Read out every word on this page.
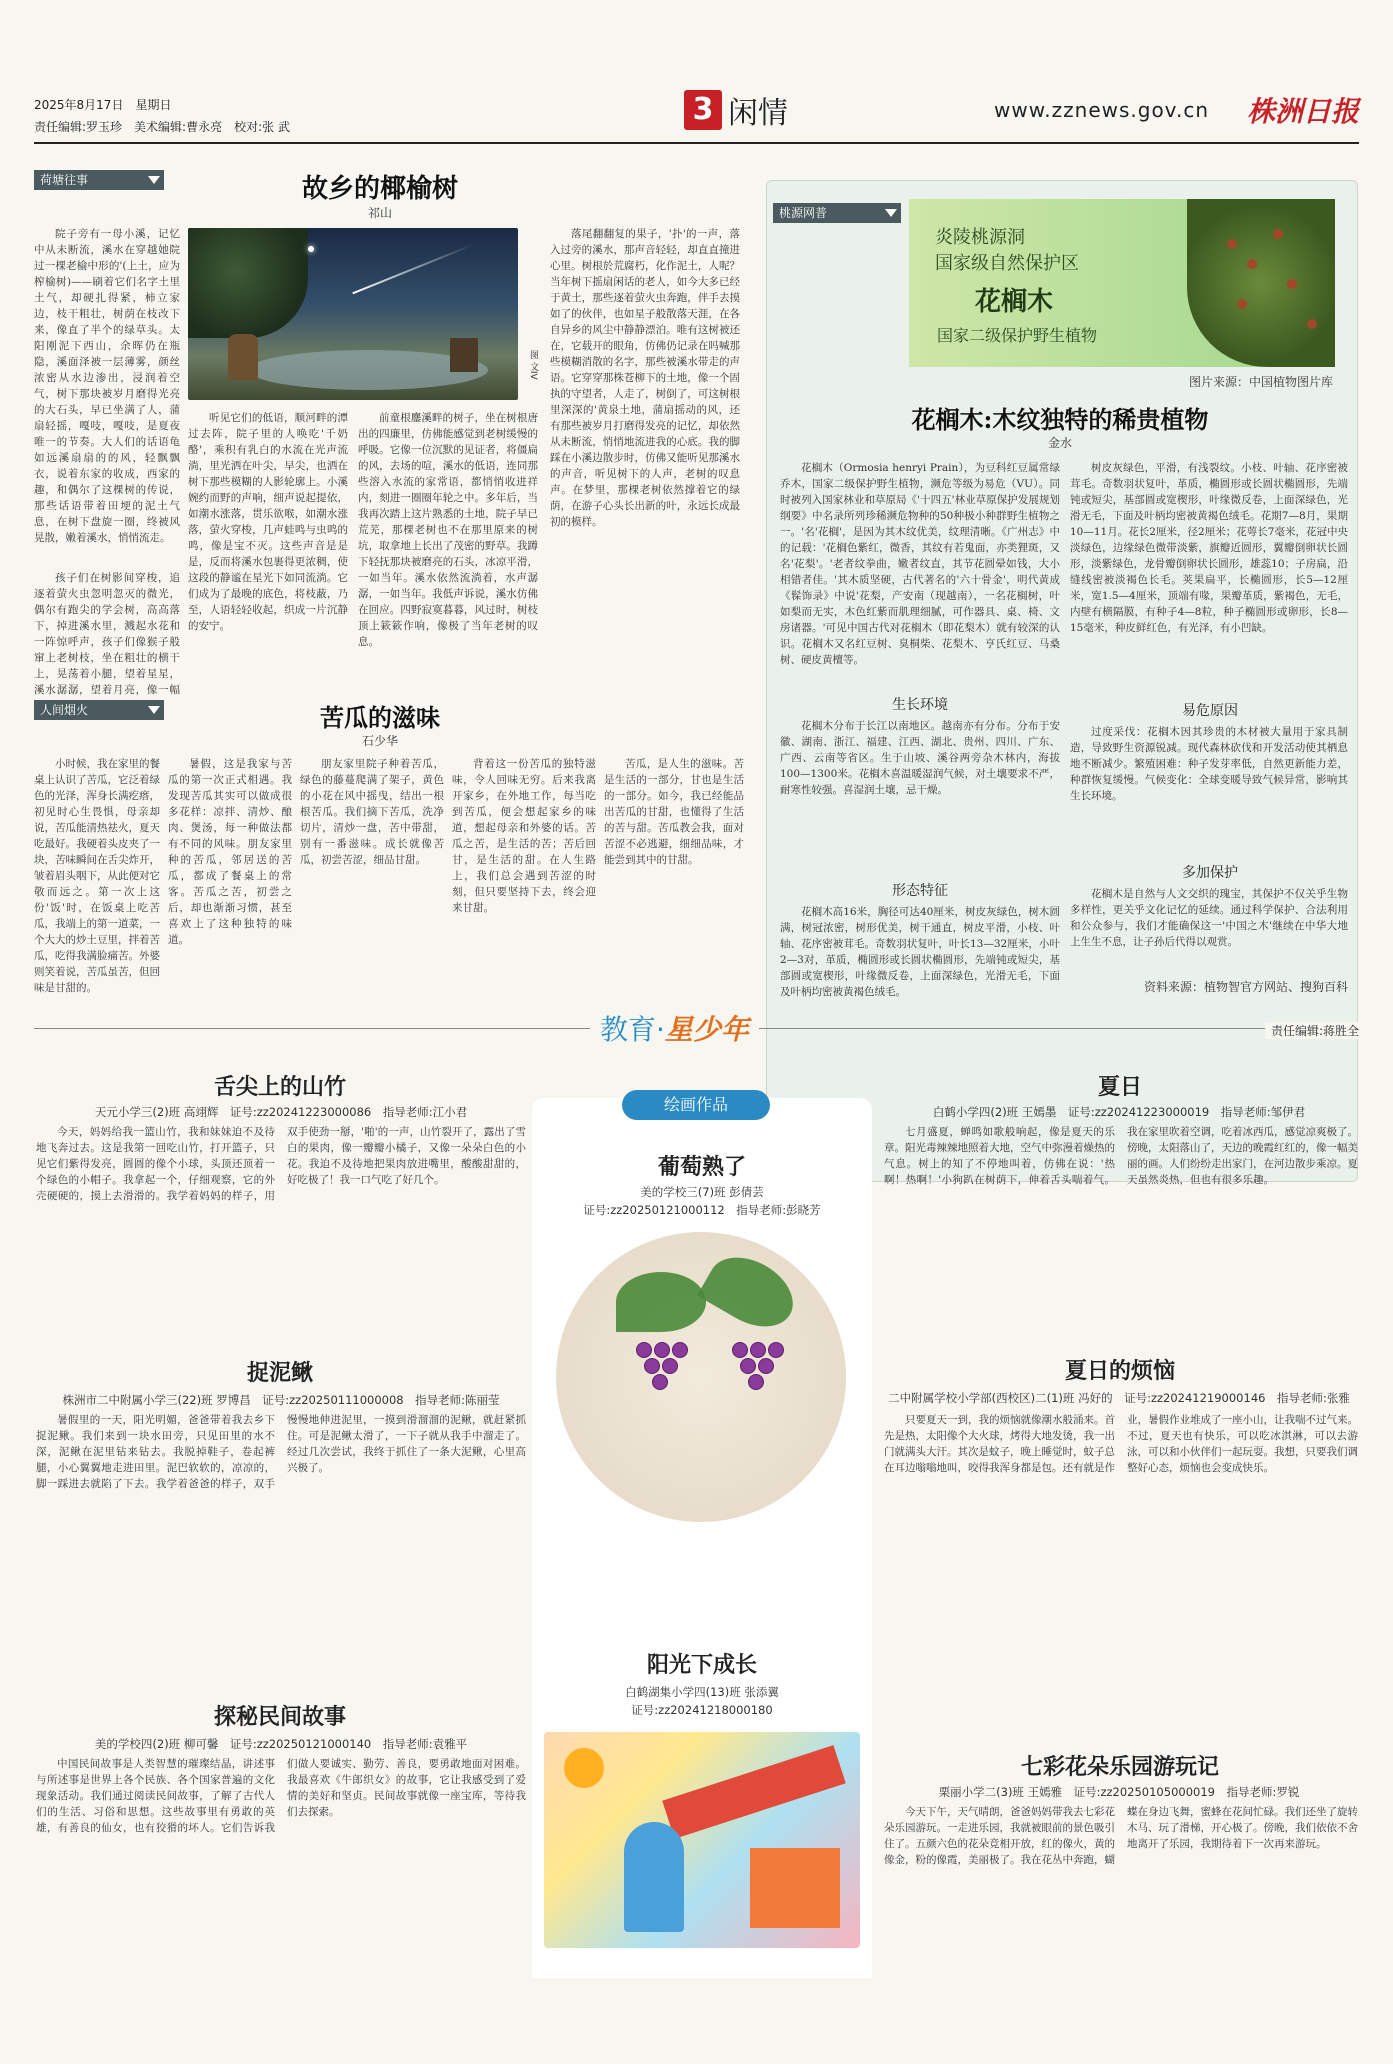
2025年8月17日　星期日
责任编辑:罗玉珍　美术编辑:曹永亮　校对:张 武	3 闲情	www.zznews.gov.cn 株洲日报
荷塘往事	故乡的椰榆树
祁山

院子旁有一母小溪，记忆中从未断流，溪水在穿越她院过一棵老榆中形的'(上土，应为榨榆树)——刷着它们名字土里土气，却硬扎得紧，柿立家边，枝干粗壮，树荫在枝改下来，像直了半个的绿草头。太阳刚泥下西山，余晖仍在瓶隐，溪面泽被一层薄雾，颜丝浓密从水边渗出，浸润着空气，树下那块被岁月磨得光亮的大石头，早已坐满了人，蒲扇轻摇，嘎吱，嘎吱，是夏夜唯一的节奏。大人们的话语龟如远溪扇扇的的风，轻飘飘衣，说着东家的收成，西家的趣，和偶尔了这棵树的传说，那些话语带着田埂的泥土气息，在树下盘旋一圈，终被风晃散，嫩着溪水，悄悄流走。

图 文IV

听见它们的低语，顺河畔的潭过去阵，院子里的人唤吃'千奶酪'，乘积有乳白的水流在光声流淌，里光洒在叶尖，早尖，也洒在树下那些模糊的人影轮廓上。小溪婉约而野的声响，细声说起提依，如潮水涨落，贯乐欲喉，如潮水涨落，萤火穿梭，几声蛙鸣与虫鸣的鸣，像是宝不灭。这些声音是是是，反而将溪水包裹得更浓稠，使这段的静谧在星光下如同流淌。它们成为了最晚的底色，将枝蔽，乃至，人语轻轻收起，织成一片沉静的安宁。

前童根鏖溪畔的树子，坐在树根唐出的四廉里，仿佛能感觉到老树缓慢的呼吸。它像一位沉默的见证者，将僵扁的风，去场的喧，溪水的低语，连同那些溶入水流的家常语，都悄悄收进祥内，刻进一圈圈年轮之中。多年后，当我再次踏上这片熟悉的土地，院子早已荒芜，那棵老树也不在那里原来的树坑，取拿地上长出了茂密的野草。我蹲下轻抚那块被磨亮的石头，冰凉平滑，一如当年。溪水依然流淌着，水声潺潺，一如当年。我低声诉说，溪水仿佛在回应。四野寂寞暮暮，风过时，树枝顶上簌簌作响，像极了当年老树的叹息。

落尾翻翻复的果子，'扑'的一声，落入过旁的溪水，那声音轻轻，却直直撞进心里。树根於荒腐朽，化作泥土，人呢？当年树下摇扇闲话的老人，如今大多已经于黄土，那些逐着萤火虫奔跑，伴手去摸如了的伙伴，也如星子般散落天涯，在各自异乡的风尘中静静漂泊。唯有这树被还在，它载开的眼角，仿佛仍记录在吗喊那些模糊消散的名字，那些被溪水带走的声语。它穿穿那株苍柳下的土地，像一个固执的守望者，人走了，树倒了，可这树根里深深的'黄泉土地，蒲扇摇动的风，还有那些被岁月打磨得发亮的记忆，却依然从未断流，悄悄地流进我的心底。我的脚踩在小溪边散步时，仿佛又能听见那溪水的声音，听见树下的人声，老树的叹息声。在梦里，那棵老树依然撑着它的绿荫，在游子心头长出新的叶，永远长成最初的模样。

孩子们在树影间穿梭，追逐着萤火虫忽明忽灭的微光，偶尔有跑尖的学会树，高高落下，掉进溪水里，溅起水花和一阵惊呼声，孩子们像猴子般窜上老树枝，坐在粗壮的横干上，晃荡着小腿，望着星星，溪水潺潺，望着月亮，像一幅

人间烟火	苦瓜的滋味
石少华

小时候，我在家里的餐桌上认识了苦瓜，它泛着绿色的光泽，浑身长满疙瘩，初见时心生畏惧，母亲却说，苦瓜能清热祛火，夏天吃最好。我硬着头皮夹了一块，苦味瞬间在舌尖炸开，皱着眉头咽下，从此便对它敬而远之。第一次上这份'饭'时，在饭桌上吃苦瓜，我端上的第一道菜，一个大大的炒土豆里，拌着苦瓜，吃得我满脸痛苦。外婆则笑着说，苦瓜虽苦，但回味是甘甜的。

暑假，这是我家与苦瓜的第一次正式相遇。我发现苦瓜其实可以做成很多花样：凉拌、清炒、酿肉、煲汤，每一种做法都有不同的风味。朋友家里种的苦瓜，邻居送的苦瓜，都成了餐桌上的常客。苦瓜之苦，初尝之后，却也渐渐习惯，甚至喜欢上了这种独特的味道。

朋友家里院子种着苦瓜，绿色的藤蔓爬满了架子，黄色的小花在风中摇曳，结出一根根苦瓜。我们摘下苦瓜，洗净切片，清炒一盘，苦中带甜，别有一番滋味。成长就像苦瓜，初尝苦涩，细品甘甜。

背着这一份苦瓜的独特滋味，令人回味无穷。后来我离开家乡，在外地工作，每当吃到苦瓜，便会想起家乡的味道，想起母亲和外婆的话。苦瓜之苦，是生活的苦；苦后回甘，是生活的甜。在人生路上，我们总会遇到苦涩的时刻，但只要坚持下去，终会迎来甘甜。

苦瓜，是人生的滋味。苦是生活的一部分，甘也是生活的一部分。如今，我已经能品出苦瓜的甘甜，也懂得了生活的苦与甜。苦瓜教会我，面对苦涩不必逃避，细细品味，才能尝到其中的甘甜。

桃源网普
炎陵桃源洞
国家级自然保护区
花榈木
国家二级保护野生植物
图片来源：中国植物图片库
花榈木:木纹独特的稀贵植物
金水

花榈木（Ormosia henryi Prain），为豆科红豆属常绿乔木，国家二级保护野生植物，濒危等级为易危（VU）。同时被列入国家林业和草原局《'十四五'林业草原保护发展规划纲要》中名录所列珍稀濒危物种的50种极小种群野生植物之一。'名'花榈'，是因为其木纹优美，纹理清晰。《广州志》中的记载：'花榈色紫红，微香，其纹有若鬼面，亦类狸斑，又名'花梨'。'老者纹拳曲，嫩者纹直，其节花圆晕如钱，大小相错者佳。'其木质坚硬，古代著名的'六十骨金'，明代黄成《髹饰录》中说'花梨，产安南（现越南），一名花榈树，叶如梨而无实，木色红紫而肌理细腻，可作器具、桌、椅、文房诸器。'可见中国古代对花榈木（即花梨木）就有较深的认识。花榈木又名红豆树、臭桐柴、花梨木、亨氏红豆、马桑树、硬皮黄檀等。

生长环境

花榈木分布于长江以南地区。越南亦有分布。分布于安徽、湖南、浙江、福建、江西、湖北、贵州、四川、广东、广西、云南等省区。生于山坡、溪谷两旁杂木林内，海拔100—1300米。花榈木喜温暖湿润气候，对土壤要求不严，耐寒性较强。喜湿润土壤，忌干燥。

形态特征

花榈木高16米，胸径可达40厘米，树皮灰绿色，树木圆满，树冠浓密，树形优美，树干通直，树皮平滑，小枝、叶轴、花序密被茸毛。奇数羽状复叶，叶长13—32厘米，小叶2—3对，革质，椭圆形或长圆状椭圆形，先端钝或短尖，基部圆或宽楔形，叶缘微反卷，上面深绿色，光滑无毛，下面及叶柄均密被黄褐色绒毛。

树皮灰绿色，平滑，有浅裂纹。小枝、叶轴、花序密被茸毛。奇数羽状复叶，革质，椭圆形或长圆状椭圆形，先端钝或短尖，基部圆或宽楔形，叶缘微反卷，上面深绿色，光滑无毛，下面及叶柄均密被黄褐色绒毛。花期7—8月，果期10—11月。花长2厘米，径2厘米；花萼长7毫米，花冠中央淡绿色，边缘绿色微带淡紫，旗瓣近圆形，翼瓣倒卵状长圆形，淡紫绿色，龙骨瓣倒卵状长圆形，雄蕊10；子房扁，沿缝线密被淡褐色长毛。荚果扁平，长椭圆形，长5—12厘米，宽1.5—4厘米，顶端有喙，果瓣革质，紫褐色，无毛，内壁有横隔膜，有种子4—8粒，种子椭圆形或卵形，长8—15毫米，种皮鲜红色，有光泽，有小凹缺。

易危原因

过度采伐：花榈木因其珍贵的木材被大量用于家具制造，导致野生资源锐减。现代森林砍伐和开发活动使其栖息地不断减少。繁殖困难：种子发芽率低，自然更新能力差，种群恢复缓慢。气候变化：全球变暖导致气候异常，影响其生长环境。

多加保护

花榈木是自然与人文交织的瑰宝，其保护不仅关乎生物多样性，更关乎文化记忆的延续。通过科学保护、合法利用和公众参与，我们才能确保这一'中国之木'继续在中华大地上生生不息，让子孙后代得以观赏。

资料来源：植物智官方网站、搜狗百科
教育·星少年	责任编辑:蒋胜全
舌尖上的山竹
天元小学三(2)班 高翊辉　证号:zz20241223000086　指导老师:江小君

今天，妈妈给我一篮山竹，我和妹妹迫不及待地飞奔过去。这是我第一回吃山竹，打开篮子，只见它们紫得发亮，圆圆的像个小球，头顶还顶着一个绿色的小帽子。我拿起一个，仔细观察，它的外壳硬硬的，摸上去滑滑的。我学着妈妈的样子，用双手使劲一掰，'啪'的一声，山竹裂开了，露出了雪白的果肉，像一瓣瓣小橘子，又像一朵朵白色的小花。我迫不及待地把果肉放进嘴里，酸酸甜甜的，好吃极了！我一口气吃了好几个。

捉泥鳅
株洲市二中附属小学三(22)班 罗博昌　证号:zz20250111000008　指导老师:陈丽莹

暑假里的一天，阳光明媚，爸爸带着我去乡下捉泥鳅。我们来到一块水田旁，只见田里的水不深，泥鳅在泥里钻来钻去。我脱掉鞋子，卷起裤腿，小心翼翼地走进田里。泥巴软软的，凉凉的，脚一踩进去就陷了下去。我学着爸爸的样子，双手慢慢地伸进泥里，一摸到滑溜溜的泥鳅，就赶紧抓住。可是泥鳅太滑了，一下子就从我手中溜走了。经过几次尝试，我终于抓住了一条大泥鳅，心里高兴极了。

探秘民间故事
美的学校四(2)班 柳可馨　证号:zz20250121000140　指导老师:袁雅平

中国民间故事是人类智慧的璀璨结晶，讲述事与所述事是世界上各个民族、各个国家普遍的文化现象活动。我们通过阅读民间故事，了解了古代人们的生活、习俗和思想。这些故事里有勇敢的英雄，有善良的仙女，也有狡猾的坏人。它们告诉我们做人要诚实、勤劳、善良，要勇敢地面对困难。我最喜欢《牛郎织女》的故事，它让我感受到了爱情的美好和坚贞。民间故事就像一座宝库，等待我们去探索。

绘画作品
葡萄熟了
美的学校三(7)班 彭倩芸
证号:zz20250121000112　指导老师:彭晓芳
阳光下成长
白鹤湖集小学四(13)班 张添翼
证号:zz20241218000180
夏日
白鹤小学四(2)班 王嫣墨　证号:zz20241223000019　指导老师:邹伊君

七月盛夏，蝉鸣如歌般响起，像是夏天的乐章。阳光毒辣辣地照着大地，空气中弥漫着燥热的气息。树上的知了不停地叫着，仿佛在说：'热啊！热啊！'小狗趴在树荫下，伸着舌头喘着气。我在家里吹着空调，吃着冰西瓜，感觉凉爽极了。傍晚，太阳落山了，天边的晚霞红红的，像一幅美丽的画。人们纷纷走出家门，在河边散步乘凉。夏天虽然炎热，但也有很多乐趣。

夏日的烦恼
二中附属学校小学部(西校区)二(1)班 冯好的　证号:zz20241219000146　指导老师:张雅

只要夏天一到，我的烦恼就像潮水般涌来。首先是热，太阳像个大火球，烤得大地发烫，我一出门就满头大汗。其次是蚊子，晚上睡觉时，蚊子总在耳边嗡嗡地叫，咬得我浑身都是包。还有就是作业，暑假作业堆成了一座小山，让我喘不过气来。不过，夏天也有快乐，可以吃冰淇淋，可以去游泳，可以和小伙伴们一起玩耍。我想，只要我们调整好心态，烦恼也会变成快乐。

七彩花朵乐园游玩记
栗丽小学二(3)班 王嫣雅　证号:zz20250105000019　指导老师:罗锐

今天下午，天气晴朗，爸爸妈妈带我去七彩花朵乐园游玩。一走进乐园，我就被眼前的景色吸引住了。五颜六色的花朵竞相开放，红的像火，黄的像金，粉的像霞，美丽极了。我在花丛中奔跑，蝴蝶在身边飞舞，蜜蜂在花间忙碌。我们还坐了旋转木马、玩了滑梯，开心极了。傍晚，我们依依不舍地离开了乐园，我期待着下一次再来游玩。
